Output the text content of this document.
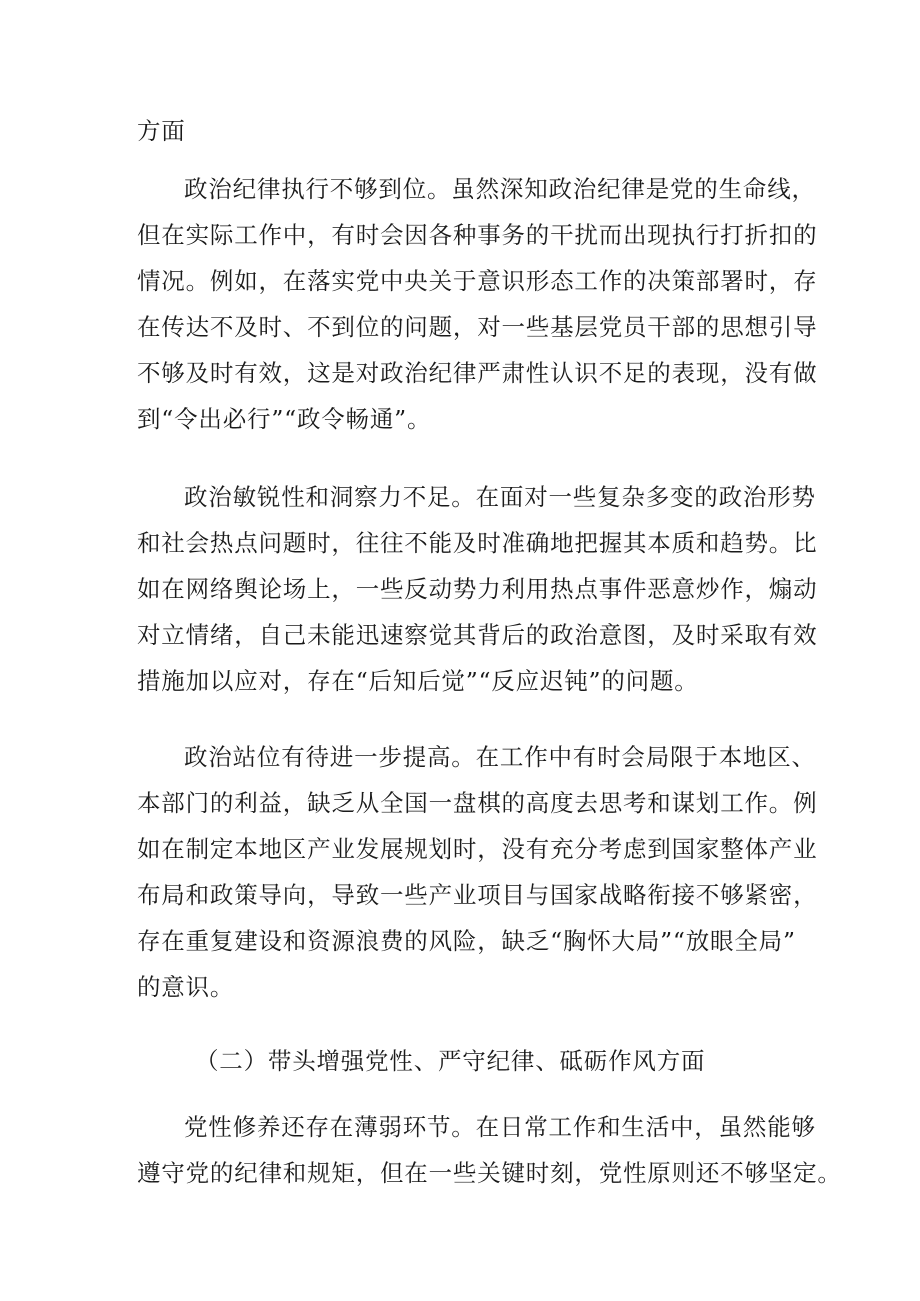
方面
政治纪律执行不够到位。虽然深知政治纪律是党的生命线，
但在实际工作中，有时会因各种事务的干扰而出现执行打折扣的
情况。例如，在落实党中央关于意识形态工作的决策部署时，存
在传达不及时、不到位的问题，对一些基层党员干部的思想引导
不够及时有效，这是对政治纪律严肃性认识不足的表现，没有做
到“令出必行”“政令畅通”。
政治敏锐性和洞察力不足。在面对一些复杂多变的政治形势
和社会热点问题时，往往不能及时准确地把握其本质和趋势。比
如在网络舆论场上，一些反动势力利用热点事件恶意炒作，煽动
对立情绪，自己未能迅速察觉其背后的政治意图，及时采取有效
措施加以应对，存在“后知后觉”“反应迟钝”的问题。
政治站位有待进一步提高。在工作中有时会局限于本地区、
本部门的利益，缺乏从全国一盘棋的高度去思考和谋划工作。例
如在制定本地区产业发展规划时，没有充分考虑到国家整体产业
布局和政策导向，导致一些产业项目与国家战略衔接不够紧密，
存在重复建设和资源浪费的风险，缺乏“胸怀大局”“放眼全局”
的意识。
（二）带头增强党性、严守纪律、砥砺作风方面
党性修养还存在薄弱环节。在日常工作和生活中，虽然能够
遵守党的纪律和规矩，但在一些关键时刻，党性原则还不够坚定。
